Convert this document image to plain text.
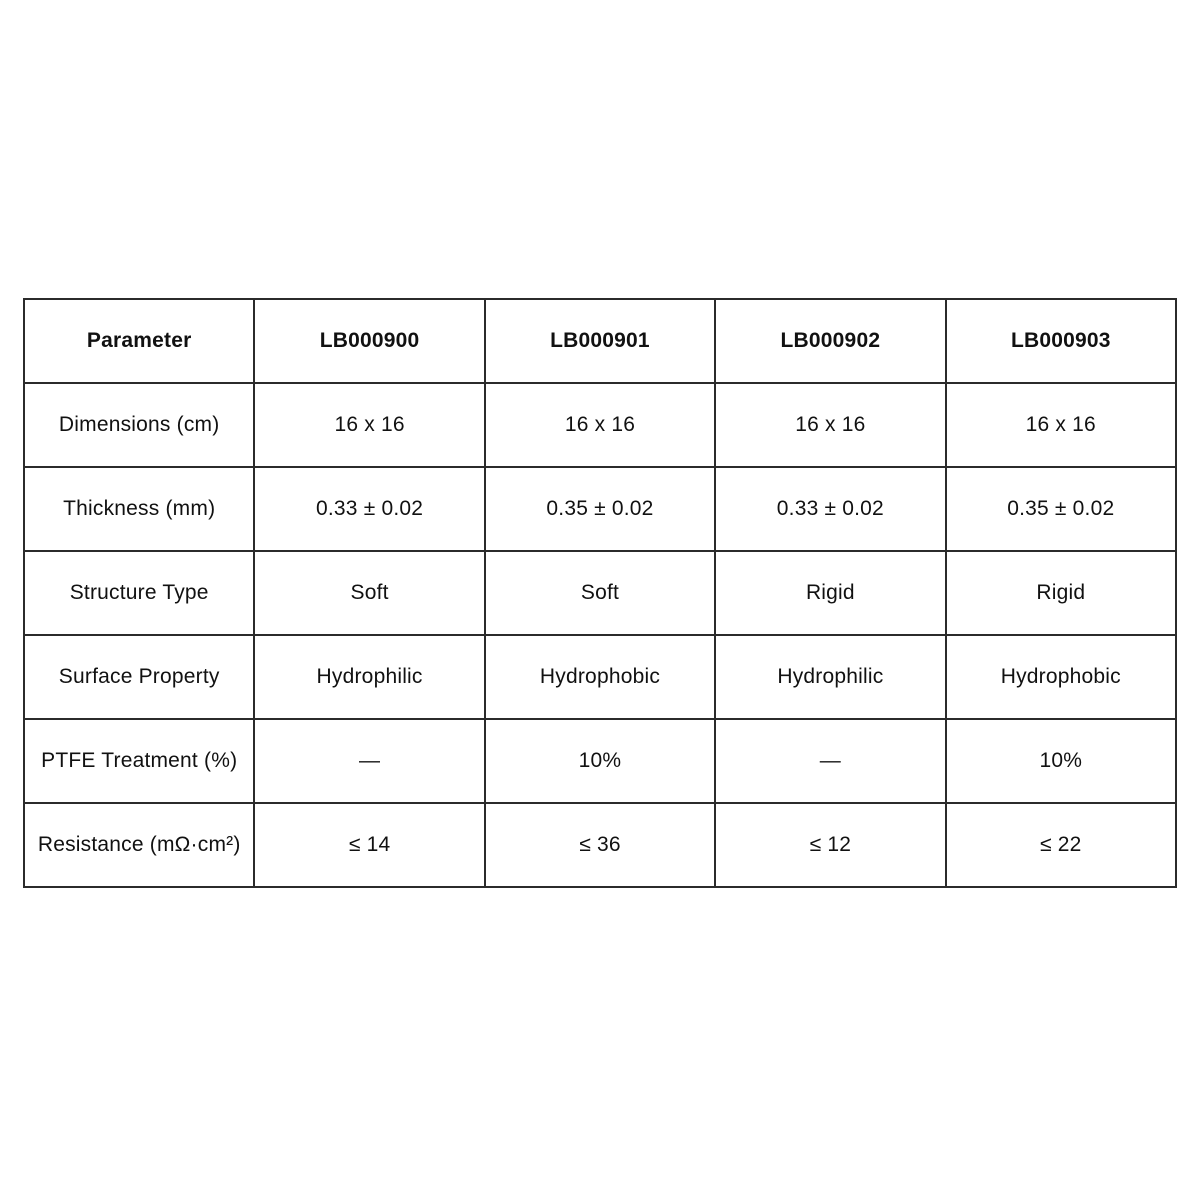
Parameter	LB000900	LB000901	LB000902	LB000903
Dimensions (cm)	16 x 16	16 x 16	16 x 16	16 x 16
Thickness (mm)	0.33 ± 0.02	0.35 ± 0.02	0.33 ± 0.02	0.35 ± 0.02
Structure Type	Soft	Soft	Rigid	Rigid
Surface Property	Hydrophilic	Hydrophobic	Hydrophilic	Hydrophobic
PTFE Treatment (%)	—	10%	—	10%
Resistance (mΩ·cm²)	≤ 14	≤ 36	≤ 12	≤ 22
